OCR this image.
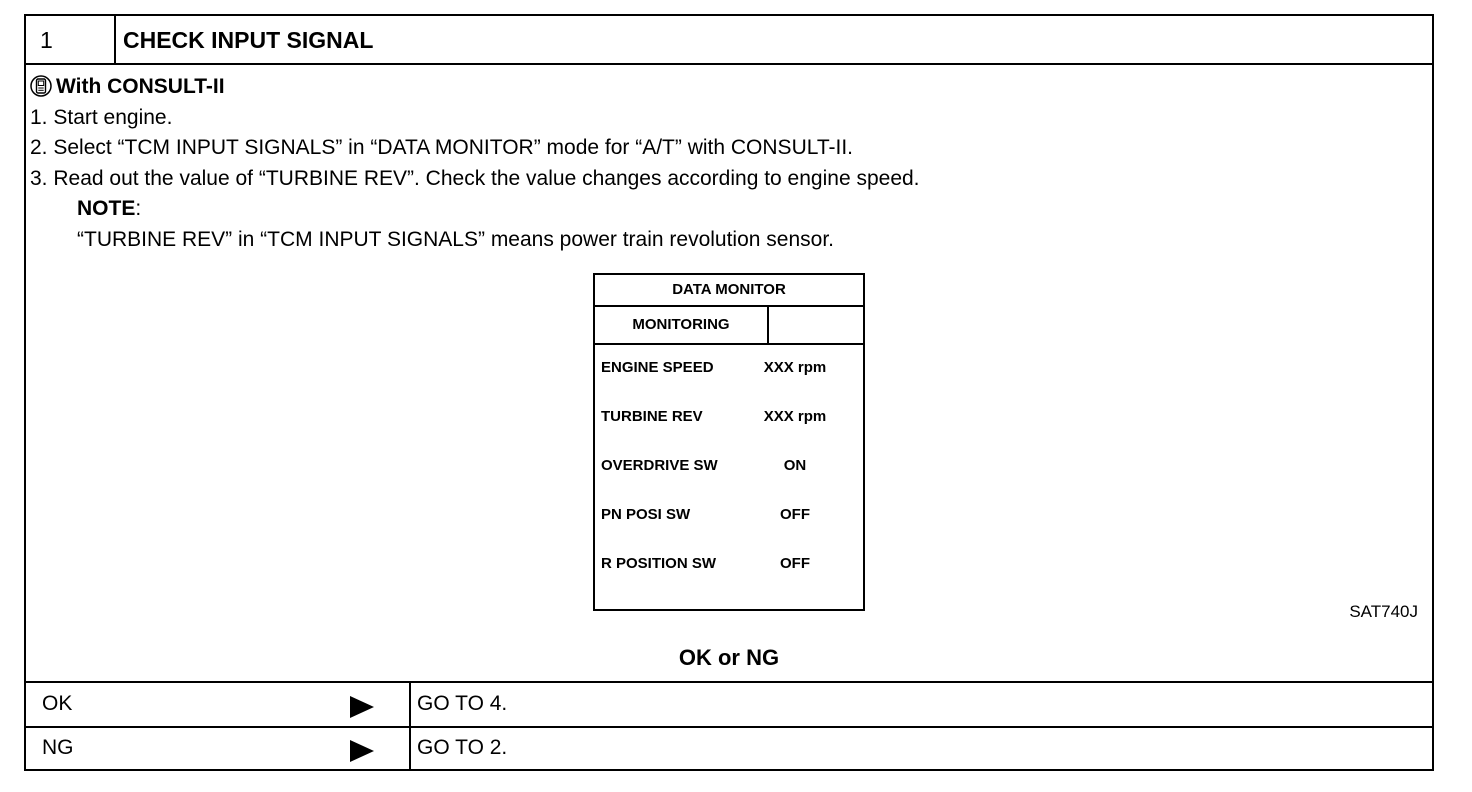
1	CHECK INPUT SIGNAL
With CONSULT-II
1. Start engine.
2. Select “TCM INPUT SIGNALS” in “DATA MONITOR” mode for “A/T” with CONSULT-II.
3. Read out the value of “TURBINE REV”. Check the value changes according to engine speed.
NOTE:
“TURBINE REV” in “TCM INPUT SIGNALS” means power train revolution sensor.
DATA MONITOR
MONITORING
ENGINE SPEED	XXX rpm
TURBINE REV	XXX rpm
OVERDRIVE SW	ON
PN POSI SW	OFF
R POSITION SW	OFF
SAT740J
OK or NG
OK	GO TO 4.
NG	GO TO 2.
